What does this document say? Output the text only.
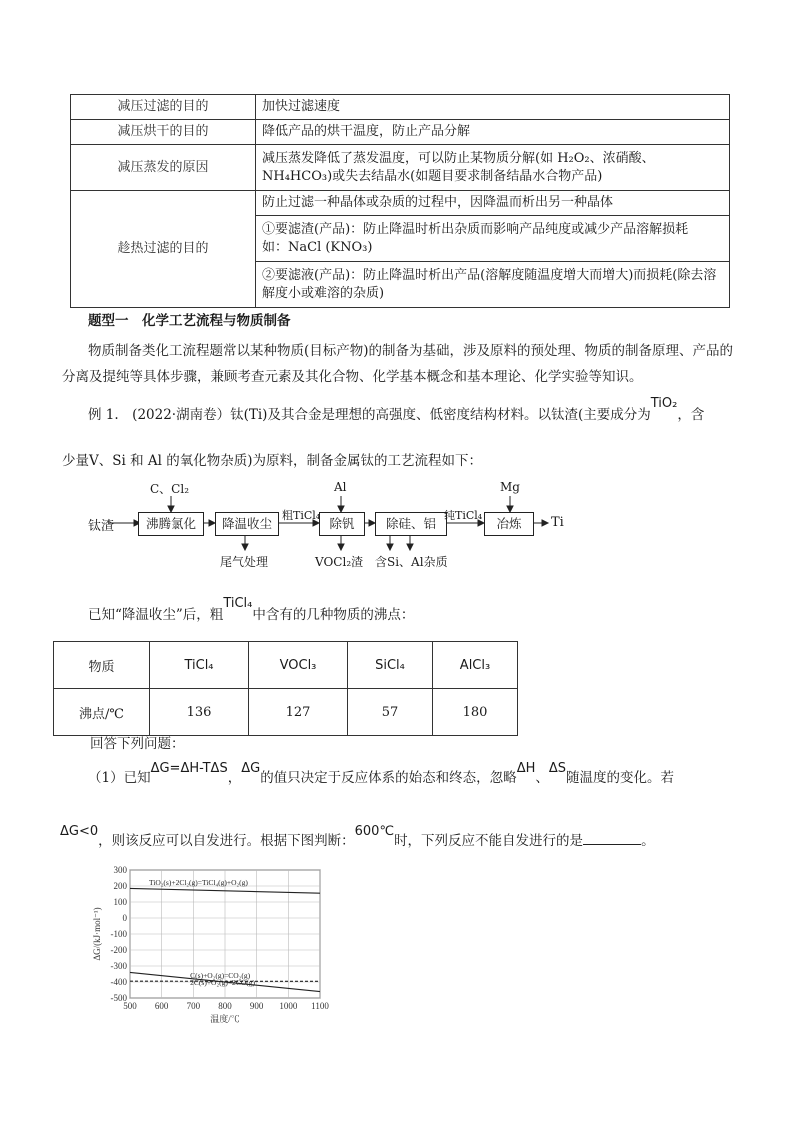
减压过滤的目的	加快过滤速度
减压烘干的目的	降低产品的烘干温度，防止产品分解
减压蒸发的原因	减压蒸发降低了蒸发温度，可以防止某物质分解(如 H₂O₂、浓硝酸、NH₄HCO₃)或失去结晶水(如题目要求制备结晶水合物产品)
趁热过滤的目的	防止过滤一种晶体或杂质的过程中，因降温而析出另一种晶体
	①要滤渣(产品)：防止降温时析出杂质而影响产品纯度或减少产品溶解损耗　如：NaCl (KNO₃)
	②要滤液(产品)：防止降温时析出产品(溶解度随温度增大而增大)而损耗(除去溶解度小或难溶的杂质)
题型一　化学工艺流程与物质制备
物质制备类化工流程题常以某种物质(目标产物)的制备为基础，涉及原料的预处理、物质的制备原理、产品的分离及提纯等具体步骤，兼顾考查元素及其化合物、化学基本概念和基本理论、化学实验等知识。
例 1.　(2022·湖南卷）钛(Ti)及其合金是理想的高强度、低密度结构材料。以钛渣(主要成分为TiO₂，含
少量V、Si 和 Al 的氧化物杂质)为原料，制备金属钛的工艺流程如下：
钛渣	沸腾氯化	降温收尘	除钒	除硅、铝	冶炼	Ti
C、Cl₂	Al	Mg
粗TiCl₄	纯TiCl₄
尾气处理	VOCl₂渣 含Si、Al杂质
已知“降温收尘”后，粗TiCl₄中含有的几种物质的沸点：
物质	TiCl₄	VOCl₃	SiCl₄	AlCl₃
沸点/℃	136	127	57	180
回答下列问题：
（1）已知ΔG=ΔH-TΔS，ΔG的值只决定于反应体系的始态和终态，忽略ΔH、ΔS随温度的变化。若
ΔG<0，则该反应可以自发进行。根据下图判断：600℃时，下列反应不能自发进行的是	。
500 600 700 800 900 1000 1100
300
200
100
0
-100
-200
-300
-400
-500
TiO₂(s)+2Cl₂(g)=TiCl₄(g)+O₂(g)
C(s)+O₂(g)=CO₂(g)
2C(s)+O₂(g)=2CO(g)
温度/℃
ΔG/(kJ·mol⁻¹)
